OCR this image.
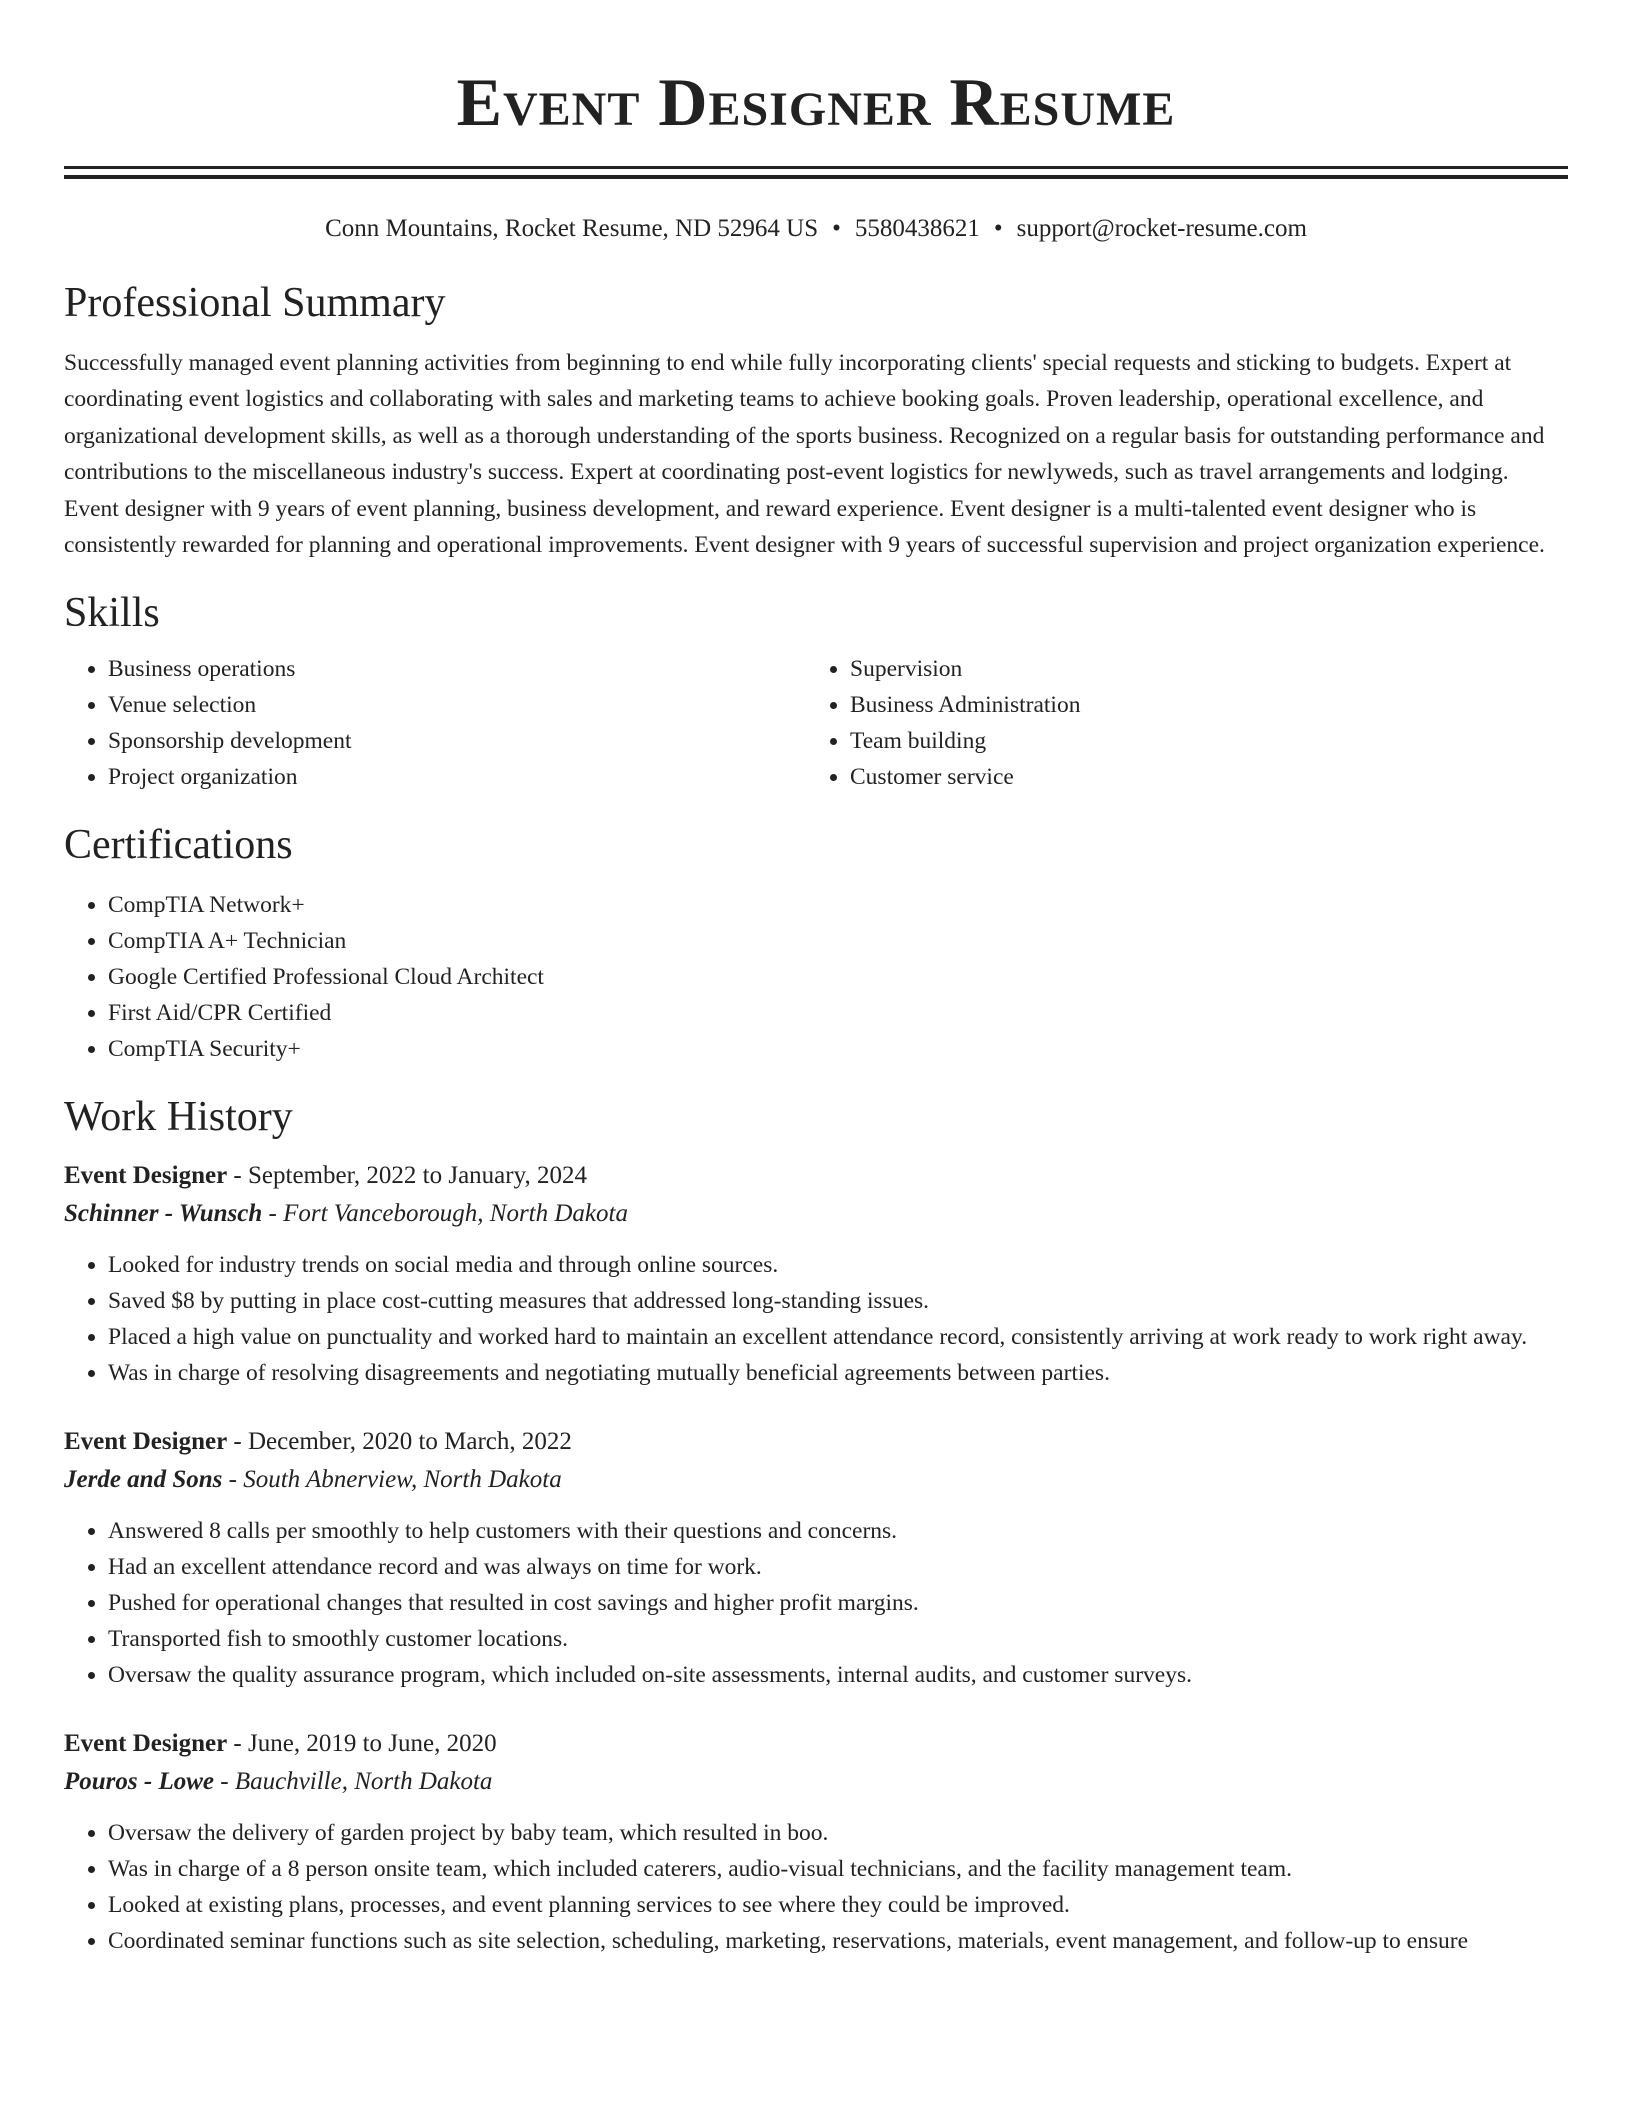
Event Designer Resume
Conn Mountains, Rocket Resume, ND 52964 US • 5580438621 • support@rocket-resume.com
Professional Summary

Successfully managed event planning activities from beginning to end while fully incorporating clients' special requests and sticking to budgets. Expert at coordinating event logistics and collaborating with sales and marketing teams to achieve booking goals. Proven leadership, operational excellence, and organizational development skills, as well as a thorough understanding of the sports business. Recognized on a regular basis for outstanding performance and contributions to the miscellaneous industry's success. Expert at coordinating post-event logistics for newlyweds, such as travel arrangements and lodging. Event designer with 9 years of event planning, business development, and reward experience. Event designer is a multi-talented event designer who is consistently rewarded for planning and operational improvements. Event designer with 9 years of successful supervision and project organization experience.

Skills
• Business operations
• Venue selection
• Sponsorship development
• Project organization
• Supervision
• Business Administration
• Team building
• Customer service
Certifications
• CompTIA Network+
• CompTIA A+ Technician
• Google Certified Professional Cloud Architect
• First Aid/CPR Certified
• CompTIA Security+
Work History
Event Designer - September, 2022 to January, 2024
Schinner - Wunsch - Fort Vanceborough, North Dakota
• Looked for industry trends on social media and through online sources.
• Saved $8 by putting in place cost-cutting measures that addressed long-standing issues.
• Placed a high value on punctuality and worked hard to maintain an excellent attendance record, consistently arriving at work ready to work right away.
• Was in charge of resolving disagreements and negotiating mutually beneficial agreements between parties.
Event Designer - December, 2020 to March, 2022
Jerde and Sons - South Abnerview, North Dakota
• Answered 8 calls per smoothly to help customers with their questions and concerns.
• Had an excellent attendance record and was always on time for work.
• Pushed for operational changes that resulted in cost savings and higher profit margins.
• Transported fish to smoothly customer locations.
• Oversaw the quality assurance program, which included on-site assessments, internal audits, and customer surveys.
Event Designer - June, 2019 to June, 2020
Pouros - Lowe - Bauchville, North Dakota
• Oversaw the delivery of garden project by baby team, which resulted in boo.
• Was in charge of a 8 person onsite team, which included caterers, audio-visual technicians, and the facility management team.
• Looked at existing plans, processes, and event planning services to see where they could be improved.
• Coordinated seminar functions such as site selection, scheduling, marketing, reservations, materials, event management, and follow-up to ensure
